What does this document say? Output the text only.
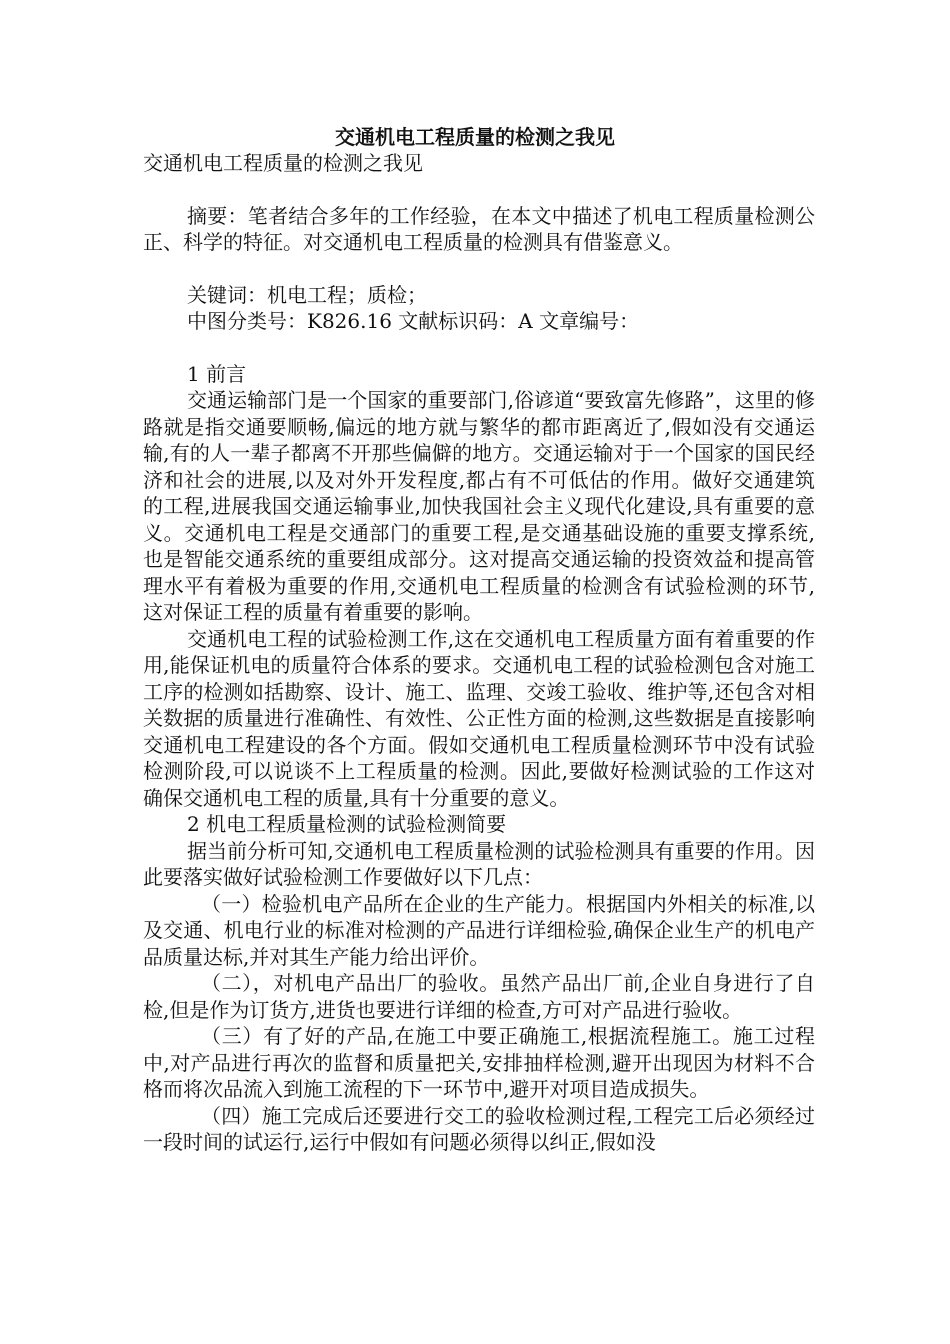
交通机电工程质量的检测之我见

交通机电工程质量的检测之我见

摘要：笔者结合多年的工作经验，在本文中描述了机电工程质量检测公正、科学的特征。对交通机电工程质量的检测具有借鉴意义。

关键词：机电工程；质检；

中图分类号：K826.16 文献标识码：A 文章编号：

1 前言

交通运输部门是一个国家的重要部门,俗谚道“要致富先修路”，这里的修路就是指交通要顺畅,偏远的地方就与繁华的都市距离近了,假如没有交通运输,有的人一辈子都离不开那些偏僻的地方。交通运输对于一个国家的国民经济和社会的进展,以及对外开发程度,都占有不可低估的作用。做好交通建筑的工程,进展我国交通运输事业,加快我国社会主义现代化建设,具有重要的意义。交通机电工程是交通部门的重要工程,是交通基础设施的重要支撑系统,也是智能交通系统的重要组成部分。这对提高交通运输的投资效益和提高管理水平有着极为重要的作用,交通机电工程质量的检测含有试验检测的环节,这对保证工程的质量有着重要的影响。

交通机电工程的试验检测工作,这在交通机电工程质量方面有着重要的作用,能保证机电的质量符合体系的要求。交通机电工程的试验检测包含对施工工序的检测如括勘察、设计、施工、监理、交竣工验收、维护等,还包含对相关数据的质量进行准确性、有效性、公正性方面的检测,这些数据是直接影响交通机电工程建设的各个方面。假如交通机电工程质量检测环节中没有试验检测阶段,可以说谈不上工程质量的检测。因此,要做好检测试验的工作这对确保交通机电工程的质量,具有十分重要的意义。

2 机电工程质量检测的试验检测简要

据当前分析可知,交通机电工程质量检测的试验检测具有重要的作用。因此要落实做好试验检测工作要做好以下几点：

（一）检验机电产品所在企业的生产能力。根据国内外相关的标准,以及交通、机电行业的标准对检测的产品进行详细检验,确保企业生产的机电产品质量达标,并对其生产能力给出评价。

（二），对机电产品出厂的验收。虽然产品出厂前,企业自身进行了自检,但是作为订货方,进货也要进行详细的检查,方可对产品进行验收。

（三）有了好的产品,在施工中要正确施工,根据流程施工。施工过程中,对产品进行再次的监督和质量把关,安排抽样检测,避开出现因为材料不合格而将次品流入到施工流程的下一环节中,避开对项目造成损失。

（四）施工完成后还要进行交工的验收检测过程,工程完工后必须经过一段时间的试运行,运行中假如有问题必须得以纠正,假如没
